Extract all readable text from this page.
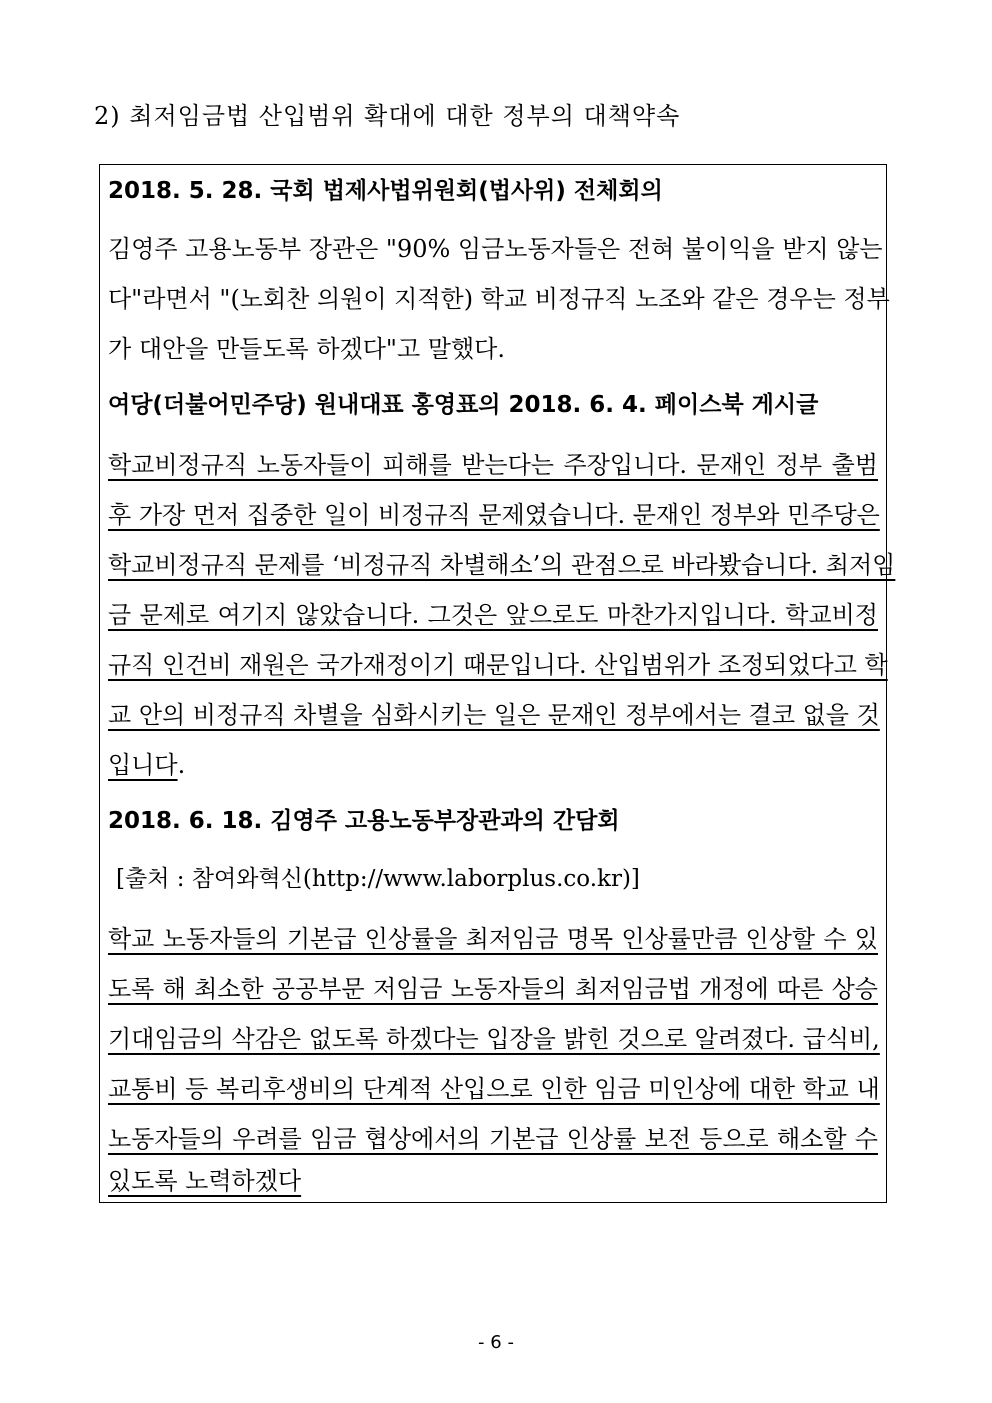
2) 최저임금법 산입범위 확대에 대한 정부의 대책약속
2018. 5. 28. 국회 법제사법위원회(법사위) 전체회의
김영주 고용노동부 장관은 "90% 임금노동자들은 전혀 불이익을 받지 않는
다"라면서 "(노회찬 의원이 지적한) 학교 비정규직 노조와 같은 경우는 정부
가 대안을 만들도록 하겠다"고 말했다.
여당(더불어민주당) 원내대표 홍영표의 2018. 6. 4. 페이스북 게시글
학교비정규직 노동자들이 피해를 받는다는 주장입니다. 문재인 정부 출범
후 가장 먼저 집중한 일이 비정규직 문제였습니다. 문재인 정부와 민주당은
학교비정규직 문제를 ‘비정규직 차별해소’의 관점으로 바라봤습니다. 최저임
금 문제로 여기지 않았습니다. 그것은 앞으로도 마찬가지입니다. 학교비정
규직 인건비 재원은 국가재정이기 때문입니다. 산입범위가 조정되었다고 학
교 안의 비정규직 차별을 심화시키는 일은 문재인 정부에서는 결코 없을 것
입니다.
2018. 6. 18. 김영주 고용노동부장관과의 간담회
[출처 : 참여와혁신(http://www.laborplus.co.kr)]
학교 노동자들의 기본급 인상률을 최저임금 명목 인상률만큼 인상할 수 있
도록 해 최소한 공공부문 저임금 노동자들의 최저임금법 개정에 따른 상승
기대임금의 삭감은 없도록 하겠다는 입장을 밝힌 것으로 알려졌다. 급식비,
교통비 등 복리후생비의 단계적 산입으로 인한 임금 미인상에 대한 학교 내
노동자들의 우려를 임금 협상에서의 기본급 인상률 보전 등으로 해소할 수
있도록 노력하겠다
- 6 -
